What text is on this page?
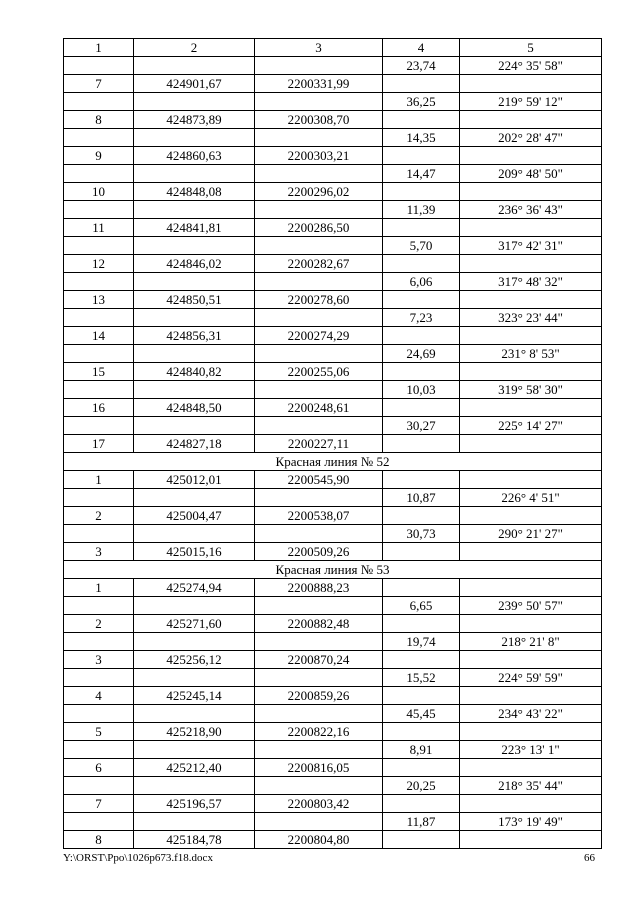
1	2	3	4	5
			23,74	224° 35' 58"
7	424901,67	2200331,99		
			36,25	219° 59' 12"
8	424873,89	2200308,70		
			14,35	202° 28' 47"
9	424860,63	2200303,21		
			14,47	209° 48' 50"
10	424848,08	2200296,02		
			11,39	236° 36' 43"
11	424841,81	2200286,50		
			5,70	317° 42' 31"
12	424846,02	2200282,67		
			6,06	317° 48' 32"
13	424850,51	2200278,60		
			7,23	323° 23' 44"
14	424856,31	2200274,29		
			24,69	231° 8' 53"
15	424840,82	2200255,06		
			10,03	319° 58' 30"
16	424848,50	2200248,61		
			30,27	225° 14' 27"
17	424827,18	2200227,11		
Красная линия № 52				
1	425012,01	2200545,90		
			10,87	226° 4' 51"
2	425004,47	2200538,07		
			30,73	290° 21' 27"
3	425015,16	2200509,26		
Красная линия № 53				
1	425274,94	2200888,23		
			6,65	239° 50' 57"
2	425271,60	2200882,48		
			19,74	218° 21' 8"
3	425256,12	2200870,24		
			15,52	224° 59' 59"
4	425245,14	2200859,26		
			45,45	234° 43' 22"
5	425218,90	2200822,16		
			8,91	223° 13' 1"
6	425212,40	2200816,05		
			20,25	218° 35' 44"
7	425196,57	2200803,42		
			11,87	173° 19' 49"
8	425184,78	2200804,80		
Y:\ORST\Ppo\1026p673.f18.docx	66
